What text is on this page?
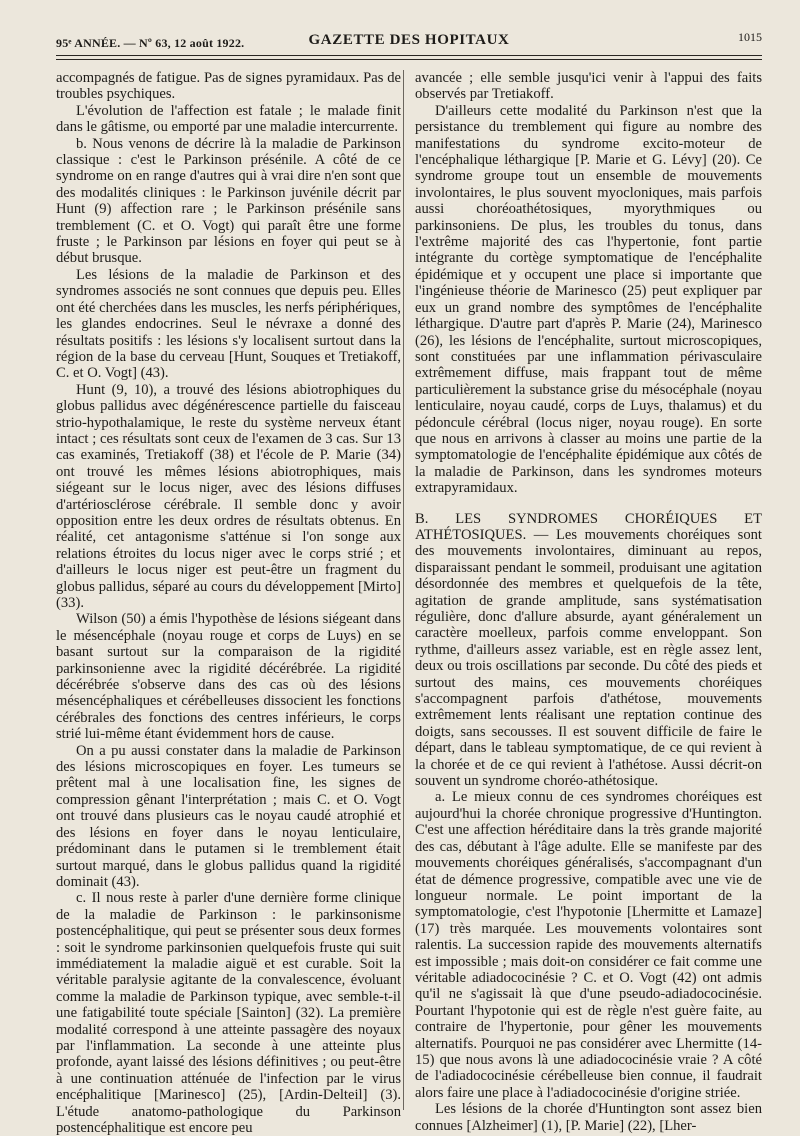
95ᵉ ANNÉE. — Nº 63, 12 août 1922.	GAZETTE DES HOPITAUX	1015

accompagnés de fatigue. Pas de signes pyramidaux. Pas de troubles psychiques.

L'évolution de l'affection est fatale ; le malade finit dans le gâtisme, ou emporté par une maladie intercurrente.

b. Nous venons de décrire là la maladie de Parkinson classique : c'est le Parkinson présénile. A côté de ce syndrome on en range d'autres qui à vrai dire n'en sont que des modalités cliniques : le Parkinson juvénile décrit par Hunt (9) affection rare ; le Parkinson présénile sans tremblement (C. et O. Vogt) qui paraît être une forme fruste ; le Parkinson par lésions en foyer qui peut se à début brusque.

Les lésions de la maladie de Parkinson et des syndromes associés ne sont connues que depuis peu. Elles ont été cherchées dans les muscles, les nerfs périphériques, les glandes endocrines. Seul le névraxe a donné des résultats positifs : les lésions s'y localisent surtout dans la région de la base du cerveau [Hunt, Souques et Tretiakoff, C. et O. Vogt] (43).

Hunt (9, 10), a trouvé des lésions abiotrophiques du globus pallidus avec dégénérescence partielle du faisceau strio-hypothalamique, le reste du système nerveux étant intact ; ces résultats sont ceux de l'examen de 3 cas. Sur 13 cas examinés, Tretiakoff (38) et l'école de P. Marie (34) ont trouvé les mêmes lésions abiotrophiques, mais siégeant sur le locus niger, avec des lésions diffuses d'artériosclérose cérébrale. Il semble donc y avoir opposition entre les deux ordres de résultats obtenus. En réalité, cet antagonisme s'atténue si l'on songe aux relations étroites du locus niger avec le corps strié ; et d'ailleurs le locus niger est peut-être un fragment du globus pallidus, séparé au cours du développement [Mirto] (33).

Wilson (50) a émis l'hypothèse de lésions siégeant dans le mésencéphale (noyau rouge et corps de Luys) en se basant surtout sur la comparaison de la rigidité parkinsonienne avec la rigidité décérébrée. La rigidité décérébrée s'observe dans des cas où des lésions mésencéphaliques et cérébelleuses dissocient les fonctions cérébrales des fonctions des centres inférieurs, le corps strié lui-même étant évidemment hors de cause.

On a pu aussi constater dans la maladie de Parkinson des lésions microscopiques en foyer. Les tumeurs se prêtent mal à une localisation fine, les signes de compression gênant l'interprétation ; mais C. et O. Vogt ont trouvé dans plusieurs cas le noyau caudé atrophié et des lésions en foyer dans le noyau lenticulaire, prédominant dans le putamen si le tremblement était surtout marqué, dans le globus pallidus quand la rigidité dominait (43).

c. Il nous reste à parler d'une dernière forme clinique de la maladie de Parkinson : le parkinsonisme postencéphalitique, qui peut se présenter sous deux formes : soit le syndrome parkinsonien quelquefois fruste qui suit immédiatement la maladie aiguë et est curable. Soit la véritable paralysie agitante de la convalescence, évoluant comme la maladie de Parkinson typique, avec semble-t-il une fatigabilité toute spéciale [Sainton] (32). La première modalité correspond à une atteinte passagère des noyaux par l'inflammation. La seconde à une atteinte plus profonde, ayant laissé des lésions définitives ; ou peut-être à une continuation atténuée de l'infection par le virus encéphalitique [Marinesco] (25), [Ardin-Delteil] (3). L'étude anatomo-pathologique du Parkinson postencéphalitique est encore peu

avancée ; elle semble jusqu'ici venir à l'appui des faits observés par Tretiakoff.

D'ailleurs cette modalité du Parkinson n'est que la persistance du tremblement qui figure au nombre des manifestations du syndrome excito-moteur de l'encéphalique léthargique [P. Marie et G. Lévy] (20). Ce syndrome groupe tout un ensemble de mouvements involontaires, le plus souvent myocloniques, mais parfois aussi choréoathétosiques, myorythmiques ou parkinsoniens. De plus, les troubles du tonus, dans l'extrême majorité des cas l'hypertonie, font partie intégrante du cortège symptomatique de l'encéphalite épidémique et y occupent une place si importante que l'ingénieuse théorie de Marinesco (25) peut expliquer par eux un grand nombre des symptômes de l'encéphalite léthargique. D'autre part d'après P. Marie (24), Marinesco (26), les lésions de l'encéphalite, surtout microscopiques, sont constituées par une inflammation périvasculaire extrêmement diffuse, mais frappant tout de même particulièrement la substance grise du mésocéphale (noyau lenticulaire, noyau caudé, corps de Luys, thalamus) et du pédoncule cérébral (locus niger, noyau rouge). En sorte que nous en arrivons à classer au moins une partie de la symptomatologie de l'encéphalite épidémique aux côtés de la maladie de Parkinson, dans les syndromes moteurs extrapyramidaux.

B. LES SYNDROMES CHORÉIQUES ET ATHÉTOSIQUES. — Les mouvements choréiques sont des mouvements involontaires, diminuant au repos, disparaissant pendant le sommeil, produisant une agitation désordonnée des membres et quelquefois de la tête, agitation de grande amplitude, sans systématisation régulière, donc d'allure absurde, ayant généralement un caractère moelleux, parfois comme enveloppant. Son rythme, d'ailleurs assez variable, est en règle assez lent, deux ou trois oscillations par seconde. Du côté des pieds et surtout des mains, ces mouvements choréiques s'accompagnent parfois d'athétose, mouvements extrêmement lents réalisant une reptation continue des doigts, sans secousses. Il est souvent difficile de faire le départ, dans le tableau symptomatique, de ce qui revient à la chorée et de ce qui revient à l'athétose. Aussi décrit-on souvent un syndrome choréo-athétosique.

a. Le mieux connu de ces syndromes choréiques est aujourd'hui la chorée chronique progressive d'Huntington. C'est une affection héréditaire dans la très grande majorité des cas, débutant à l'âge adulte. Elle se manifeste par des mouvements choréiques généralisés, s'accompagnant d'un état de démence progressive, compatible avec une vie de longueur normale. Le point important de la symptomatologie, c'est l'hypotonie [Lhermitte et Lamaze] (17) très marquée. Les mouvements volontaires sont ralentis. La succession rapide des mouvements alternatifs est impossible ; mais doit-on considérer ce fait comme une véritable adiadococinésie ? C. et O. Vogt (42) ont admis qu'il ne s'agissait là que d'une pseudo-adiadococinésie. Pourtant l'hypotonie qui est de règle n'est guère faite, au contraire de l'hypertonie, pour gêner les mouvements alternatifs. Pourquoi ne pas considérer avec Lhermitte (14-15) que nous avons là une adiadococinésie vraie ? A côté de l'adiadococinésie cérébelleuse bien connue, il faudrait alors faire une place à l'adiadococinésie d'origine striée.

Les lésions de la chorée d'Huntington sont assez bien connues [Alzheimer] (1), [P. Marie] (22), [Lher-
